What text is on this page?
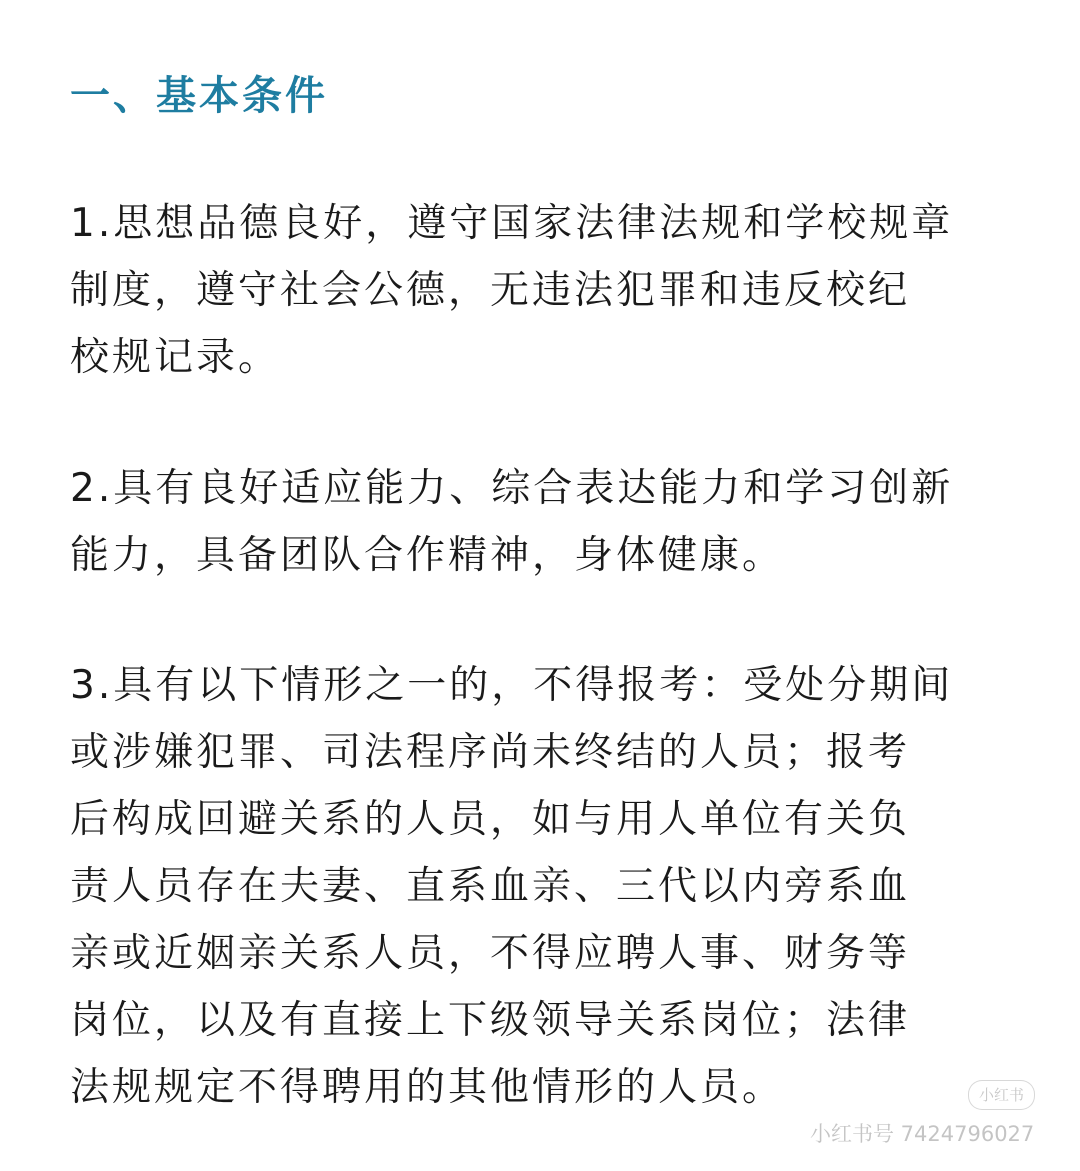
一、基本条件
1.思想品德良好，遵守国家法律法规和学校规章
制度，遵守社会公德，无违法犯罪和违反校纪
校规记录。
2.具有良好适应能力、综合表达能力和学习创新
能力，具备团队合作精神，身体健康。
3.具有以下情形之一的，不得报考：受处分期间
或涉嫌犯罪、司法程序尚未终结的人员；报考
后构成回避关系的人员，如与用人单位有关负
责人员存在夫妻、直系血亲、三代以内旁系血
亲或近姻亲关系人员，不得应聘人事、财务等
岗位，以及有直接上下级领导关系岗位；法律
法规规定不得聘用的其他情形的人员。	小红书
小红书号 7424796027
